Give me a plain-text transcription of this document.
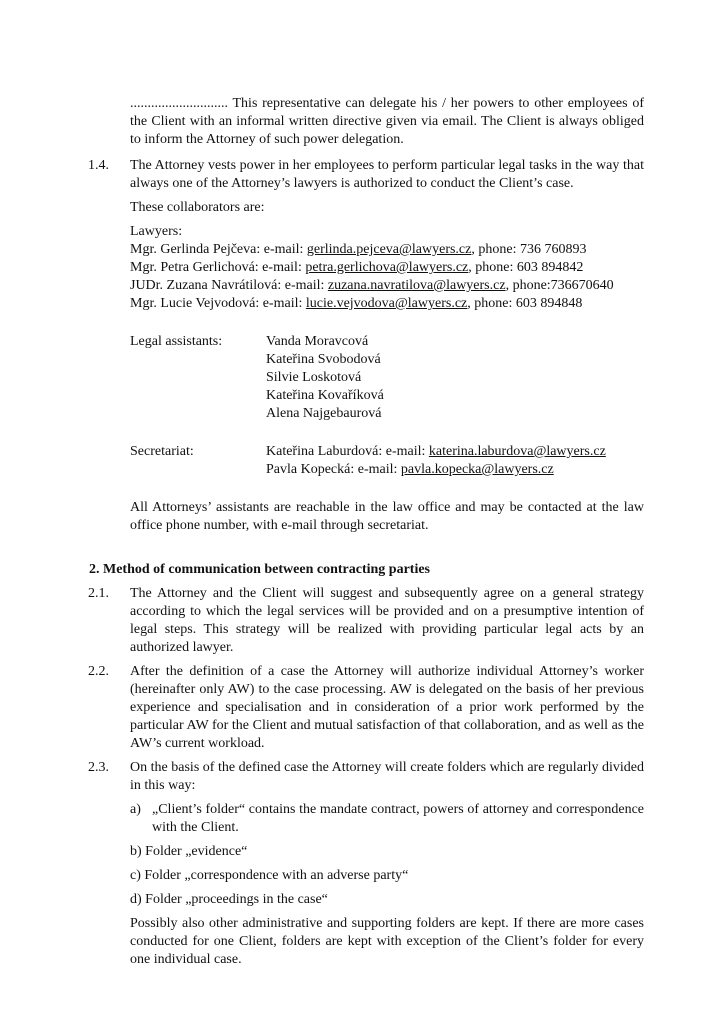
............................ This representative can delegate his / her powers to other employees of the Client with an informal written directive given via email. The Client is always obliged to inform the Attorney of such power delegation.

1.4.	The Attorney vests power in her employees to perform particular legal tasks in the way that always one of the Attorney’s lawyers is authorized to conduct the Client’s case.

These collaborators are:

Lawyers:

Mgr. Gerlinda Pejčeva: e-mail: gerlinda.pejceva@lawyers.cz, phone: 736 760893

Mgr. Petra Gerlichová: e-mail: petra.gerlichova@lawyers.cz, phone: 603 894842

JUDr. Zuzana Navrátilová: e-mail: zuzana.navratilova@lawyers.cz, phone:736670640

Mgr. Lucie Vejvodová: e-mail: lucie.vejvodova@lawyers.cz, phone: 603 894848

Legal assistants:	Vanda Moravcová

Kateřina Svobodová

Silvie Loskotová

Kateřina Kovaříková

Alena Najgebaurová

Secretariat:	Kateřina Laburdová: e-mail: katerina.laburdova@lawyers.cz

Pavla Kopecká: e-mail: pavla.kopecka@lawyers.cz

All Attorneys’ assistants are reachable in the law office and may be contacted at the law office phone number, with e-mail through secretariat.

2. Method of communication between contracting parties

2.1.	The Attorney and the Client will suggest and subsequently agree on a general strategy according to which the legal services will be provided and on a presumptive intention of legal steps. This strategy will be realized with providing particular legal acts by an authorized lawyer.
2.2.	After the definition of a case the Attorney will authorize individual Attorney’s worker (hereinafter only AW) to the case processing. AW is delegated on the basis of her previous experience and specialisation and in consideration of a prior work performed by the particular AW for the Client and mutual satisfaction of that collaboration, and as well as the AW’s current workload.
2.3.	On the basis of the defined case the Attorney will create folders which are regularly divided in this way:
a) „Client’s folder“ contains the mandate contract, powers of attorney and correspondence with the Client.

b) Folder „evidence“

c) Folder „correspondence with an adverse party“

d) Folder „proceedings in the case“

Possibly also other administrative and supporting folders are kept. If there are more cases conducted for one Client, folders are kept with exception of the Client’s folder for every one individual case.
